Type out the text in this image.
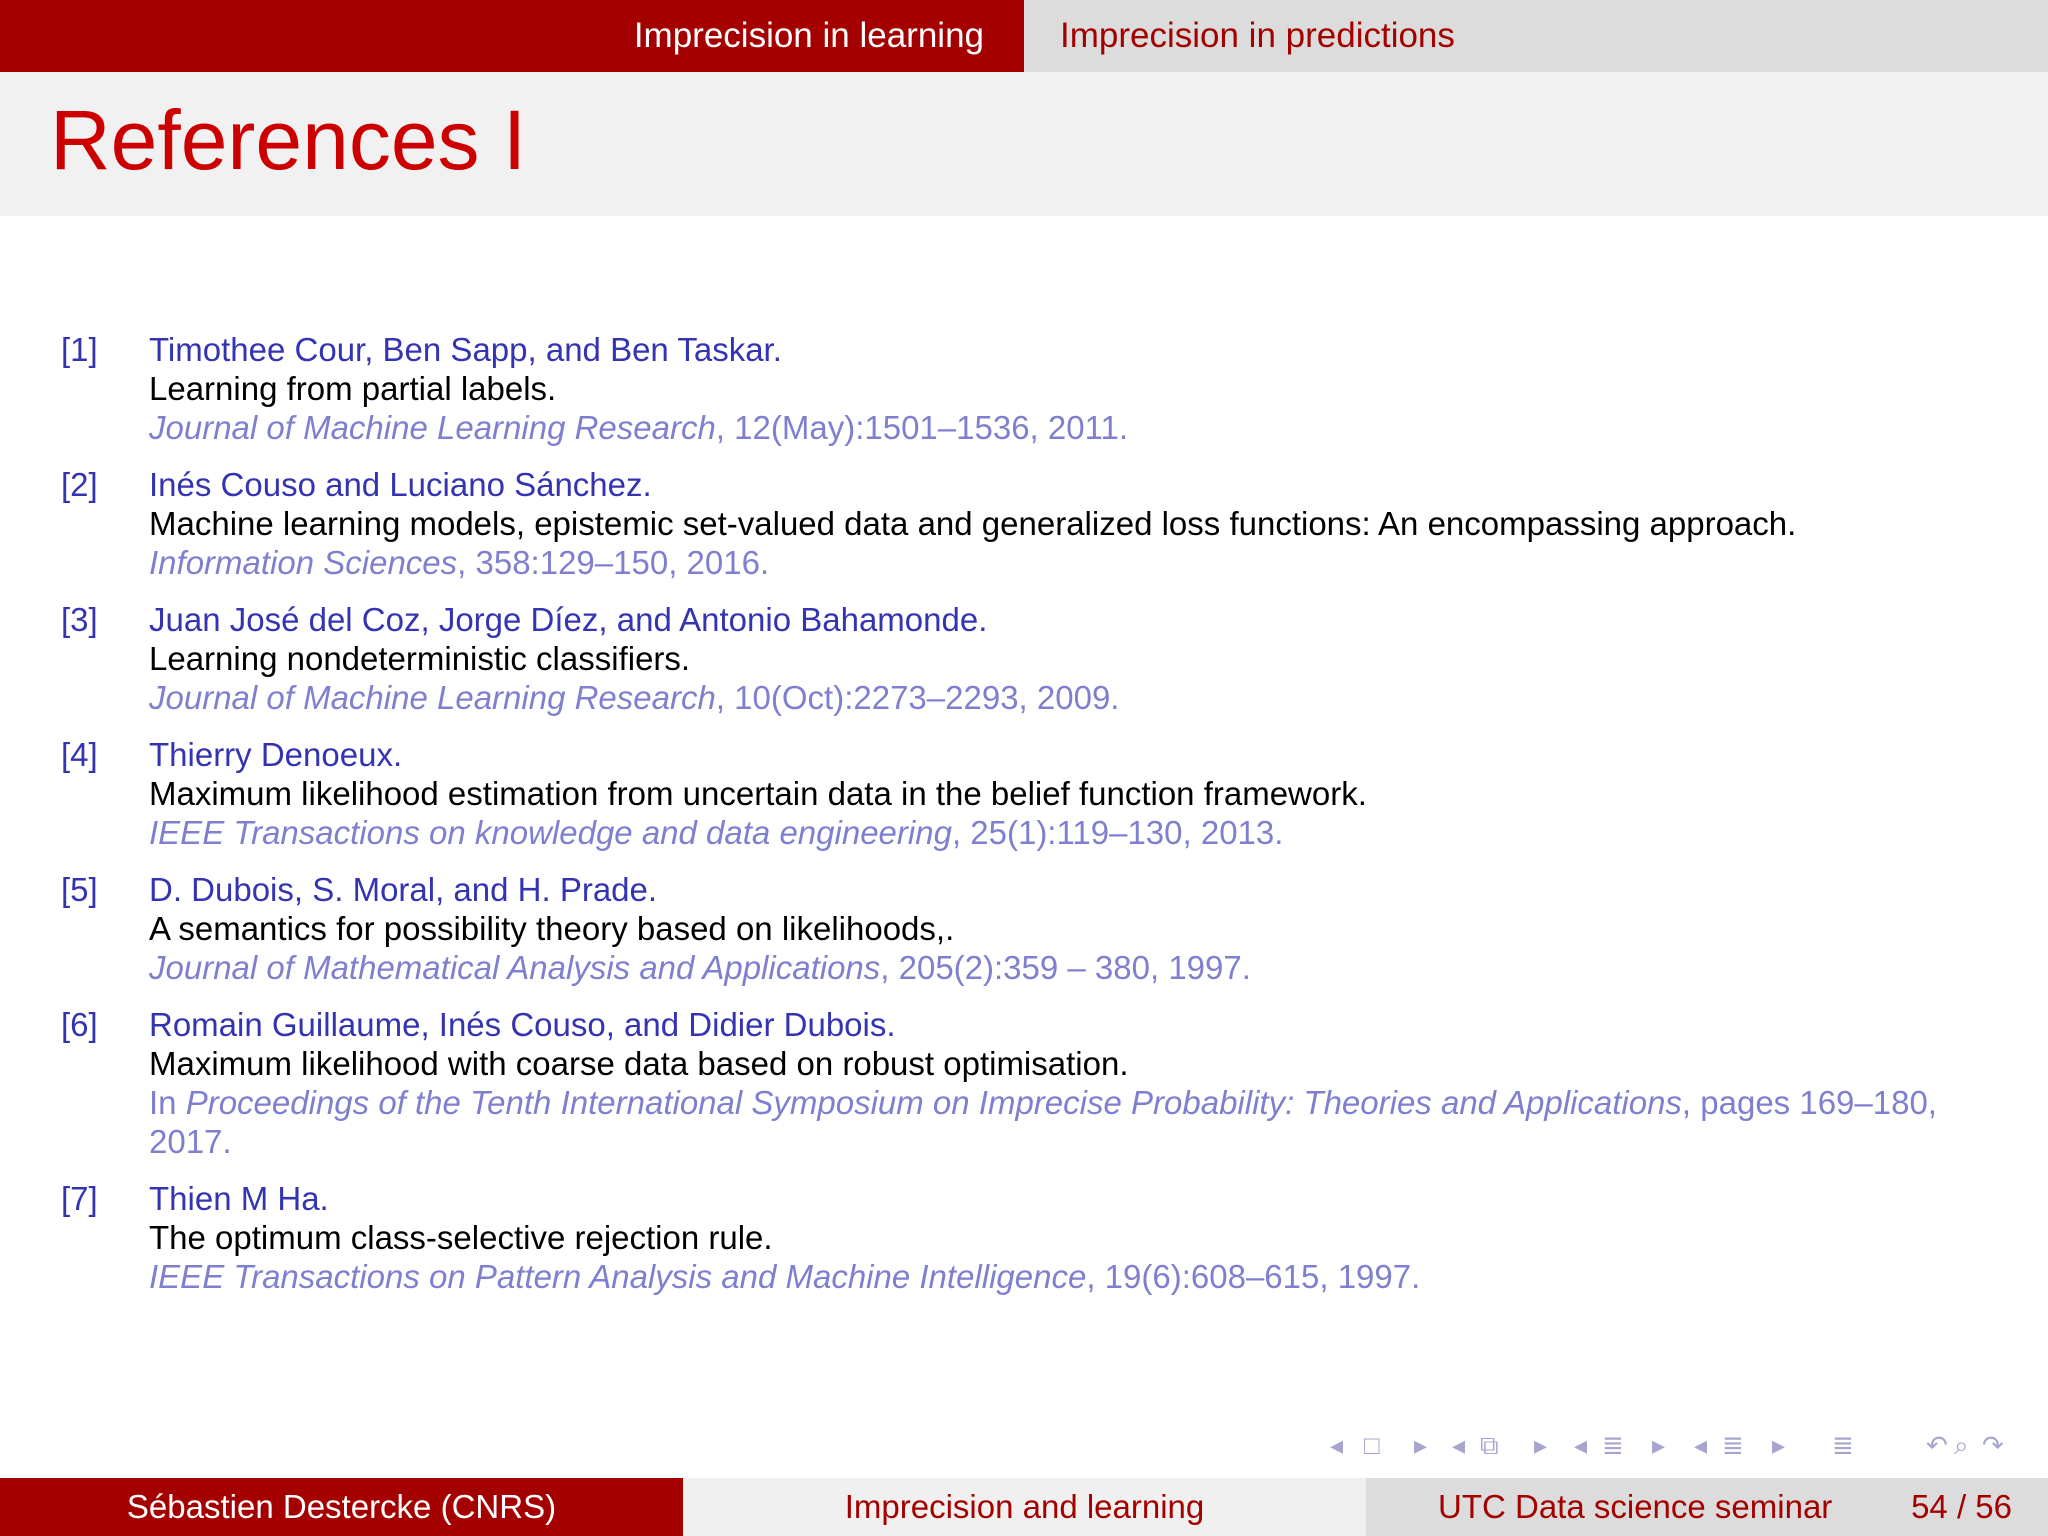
Imprecision in learning	Imprecision in predictions
References I
[1] Timothee Cour, Ben Sapp, and Ben Taskar.
Learning from partial labels.
Journal of Machine Learning Research, 12(May):1501–1536, 2011.
[2] Inés Couso and Luciano Sánchez.
Machine learning models, epistemic set-valued data and generalized loss functions: An encompassing approach.
Information Sciences, 358:129–150, 2016.
[3] Juan José del Coz, Jorge Díez, and Antonio Bahamonde.
Learning nondeterministic classifiers.
Journal of Machine Learning Research, 10(Oct):2273–2293, 2009.
[4] Thierry Denoeux.
Maximum likelihood estimation from uncertain data in the belief function framework.
IEEE Transactions on knowledge and data engineering, 25(1):119–130, 2013.
[5] D. Dubois, S. Moral, and H. Prade.
A semantics for possibility theory based on likelihoods,.
Journal of Mathematical Analysis and Applications, 205(2):359 – 380, 1997.
[6] Romain Guillaume, Inés Couso, and Didier Dubois.
Maximum likelihood with coarse data based on robust optimisation.
In Proceedings of the Tenth International Symposium on Imprecise Probability: Theories and Applications, pages 169–180, 2017.
[7] Thien M Ha.
The optimum class-selective rejection rule.
IEEE Transactions on Pattern Analysis and Machine Intelligence, 19(6):608–615, 1997.
◂ □ ▸ ◂ ⧉ ▸ ◂ ≣ ▸ ◂ ≣ ▸ ≣	↶ ⌕ ↷
Sébastien Destercke (CNRS)	Imprecision and learning	UTC Data science seminar 54 / 56
